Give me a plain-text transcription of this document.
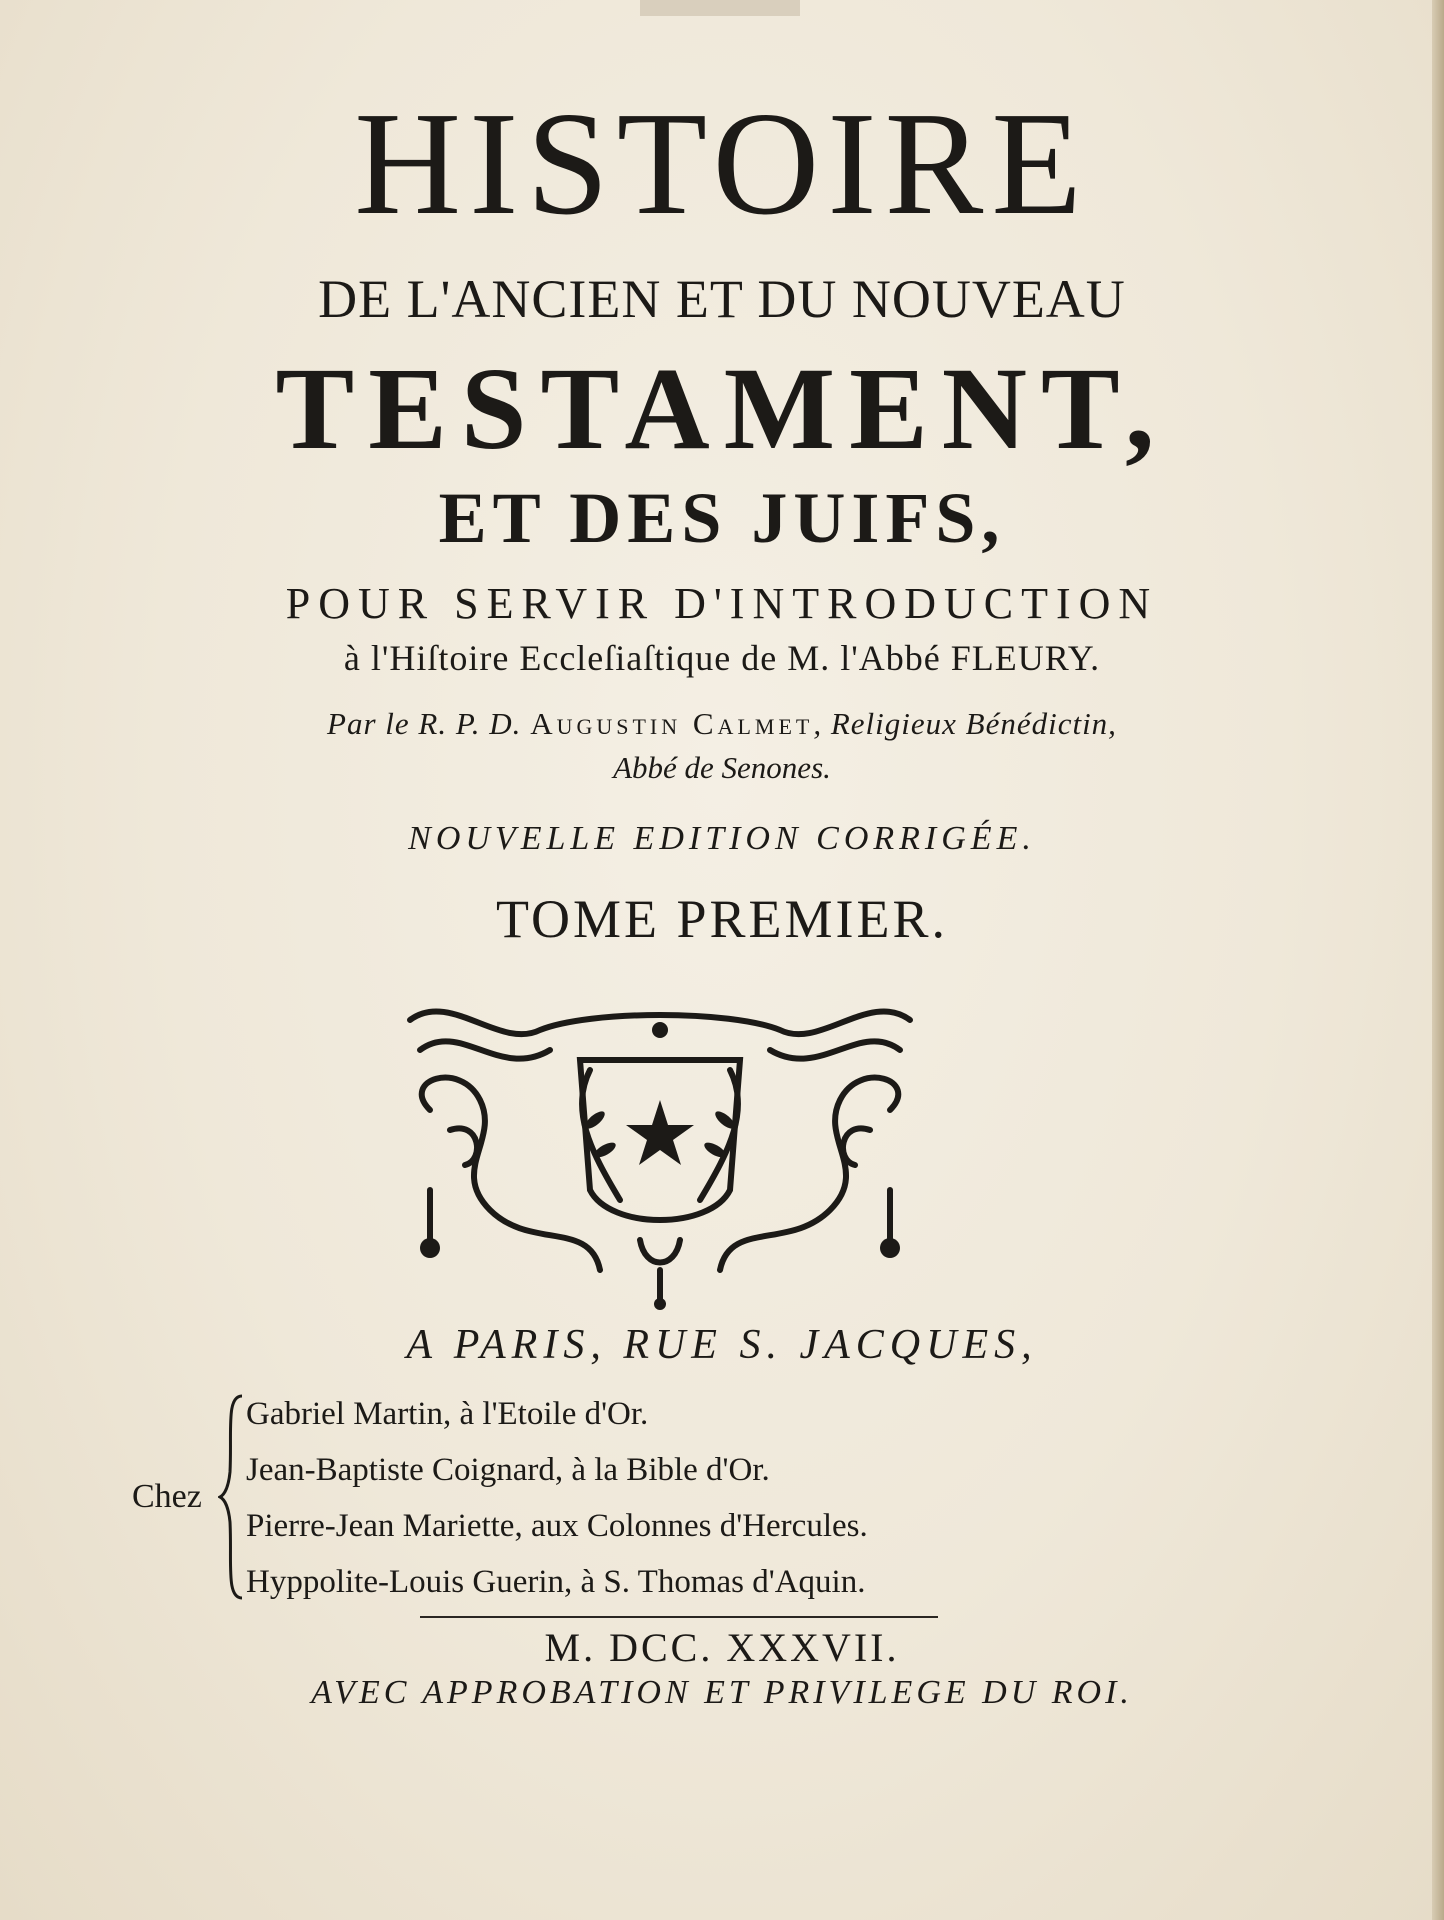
HISTOIRE
DE L'ANCIEN ET DU NOUVEAU
TESTAMENT,
ET DES JUIFS,
POUR SERVIR D'INTRODUCTION
à l'Hiſtoire Eccleſiaſtique de M. l'Abbé FLEURY.
Par le R. P. D. Augustin Calmet, Religieux Bénédictin,
Abbé de Senones.
NOUVELLE EDITION CORRIGÉE.
TOME PREMIER.
A PARIS, RUE S. JACQUES,
Chez
Gabriel Martin, à l'Etoile d'Or.
Jean-Baptiste Coignard, à la Bible d'Or.
Pierre-Jean Mariette, aux Colonnes d'Hercules.
Hyppolite-Louis Guerin, à S. Thomas d'Aquin.
M. DCC. XXXVII.
AVEC APPROBATION ET PRIVILEGE DU ROI.
